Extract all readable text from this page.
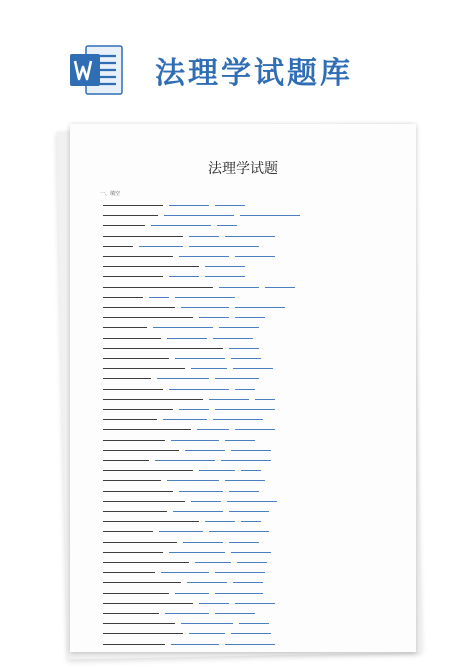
法理学试题库
法理学试题
一、填空
